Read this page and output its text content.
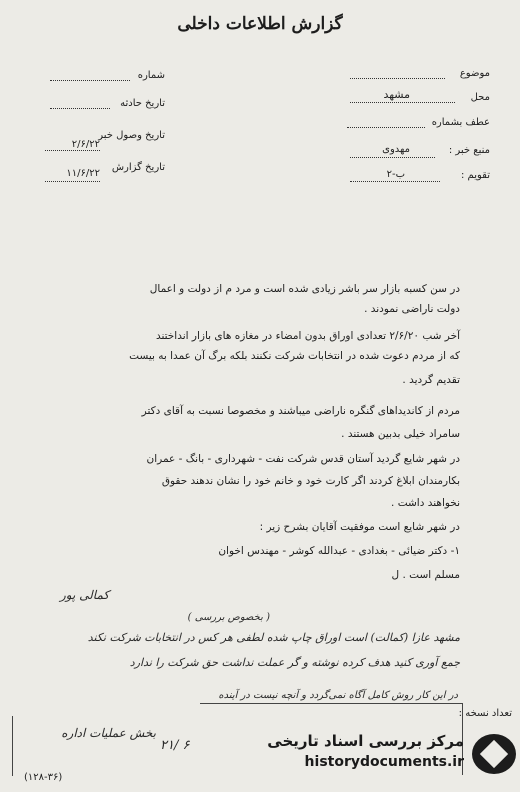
گزارش اطلاعات داخلی
موضوع
محل
مشهد
عطف بشماره
منبع خبر :
مهدوی
تقویم :
ب-۲
شماره
تاریخ حادثه
تاریخ وصول خبر
۲/۶/۲۲
تاریخ گزارش
۱۱/۶/۲۲
در سن کسبه بازار سر باشر زیادی شده است و مرد م از دولت و اعمال
دولت ناراضی نمودند .
آخر شب ۲/۶/۲۰ تعدادی اوراق بدون امضاء در مغازه های بازار انداختند
که از مردم دعوت شده در انتخابات شرکت نکنند بلکه برگ آن عمدا به بیست
تقدیم گردید .
مردم از کاندیداهای گنگره ناراضی میباشند و مخصوصا نسبت به آقای دکتر
سامراد خیلی بدبین هستند .
در شهر شایع گردید آستان قدس شرکت نفت - شهرداری - بانگ - عمران
بکارمندان ابلاغ کردند اگر کارت خود و خانم خود را نشان ندهند حقوق
نخواهند داشت .
در شهر شایع است موفقیت آقایان بشرح زیر :
۱- دکتر ضیائی - بغدادی - عبدالله کوشر - مهندس اخوان
مسلم است . ل
کمالی پور
( بخصوص بررسی )
مشهد عازا (کمالت) است اوراق چاپ شده لطفی هر کس در انتخابات شرکت نکند
جمع آوری کنید هدف کرده نوشته و گر عملت نداشت حق شرکت را ندارد
تعداد نسخه :
در این کار روش کامل آگاه نمی‌گردد و آنچه نیست در آینده
۲۱/ ۶
بخش عملیات اداره
(۱۲۸-۳۶)
مرکز بررسی اسناد تاریخی
historydocuments.ir
